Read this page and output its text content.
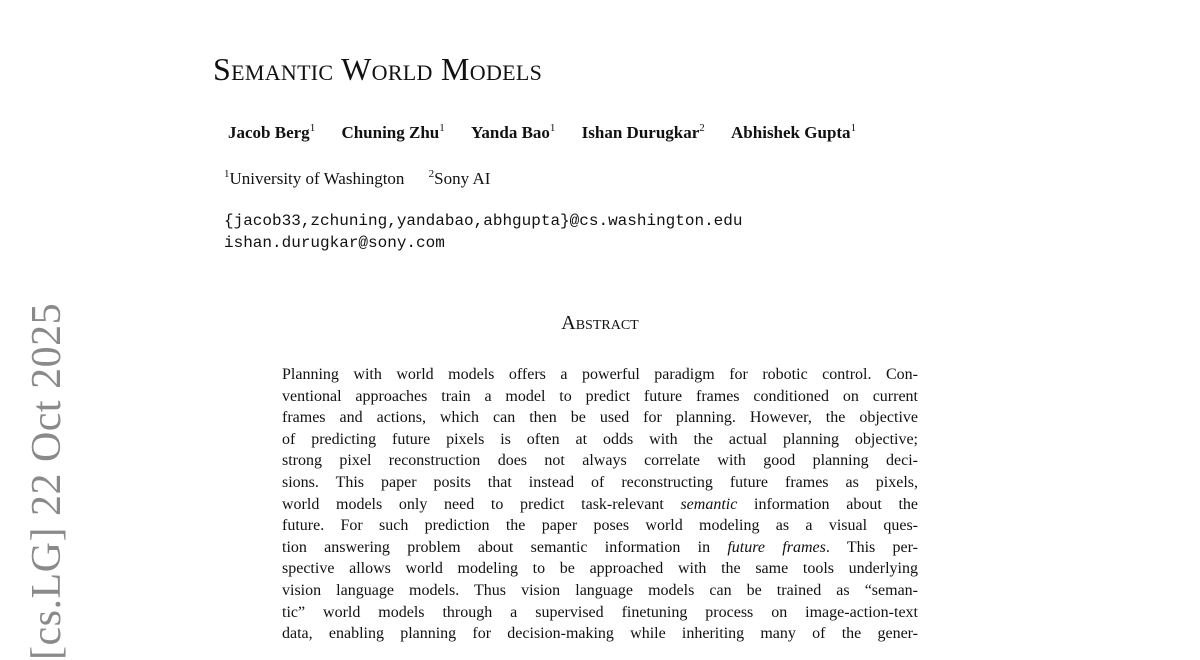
Semantic World Models
Jacob Berg$^1$ Chuning Zhu$^1$ Yanda Bao$^1$ Ishan Durugkar$^2$ Abhishek Gupta$^1$
$^1$University of Washington $^2$Sony AI
{jacob33,zchuning,yandabao,abhgupta}@cs.washington.edu
ishan.durugkar@sony.com
Abstract
Planning with world models offers a powerful paradigm for robotic control. Con-
ventional approaches train a model to predict future frames conditioned on current
frames and actions, which can then be used for planning. However, the objective
of predicting future pixels is often at odds with the actual planning objective;
strong pixel reconstruction does not always correlate with good planning deci-
sions. This paper posits that instead of reconstructing future frames as pixels,
world models only need to predict task-relevant semantic information about the
future. For such prediction the paper poses world modeling as a visual ques-
tion answering problem about semantic information in future frames. This per-
spective allows world modeling to be approached with the same tools underlying
vision language models. Thus vision language models can be trained as “seman-
tic” world models through a supervised finetuning process on image-action-text
data, enabling planning for decision-making while inheriting many of the gener-
[cs.LG] 22 Oct 2025
